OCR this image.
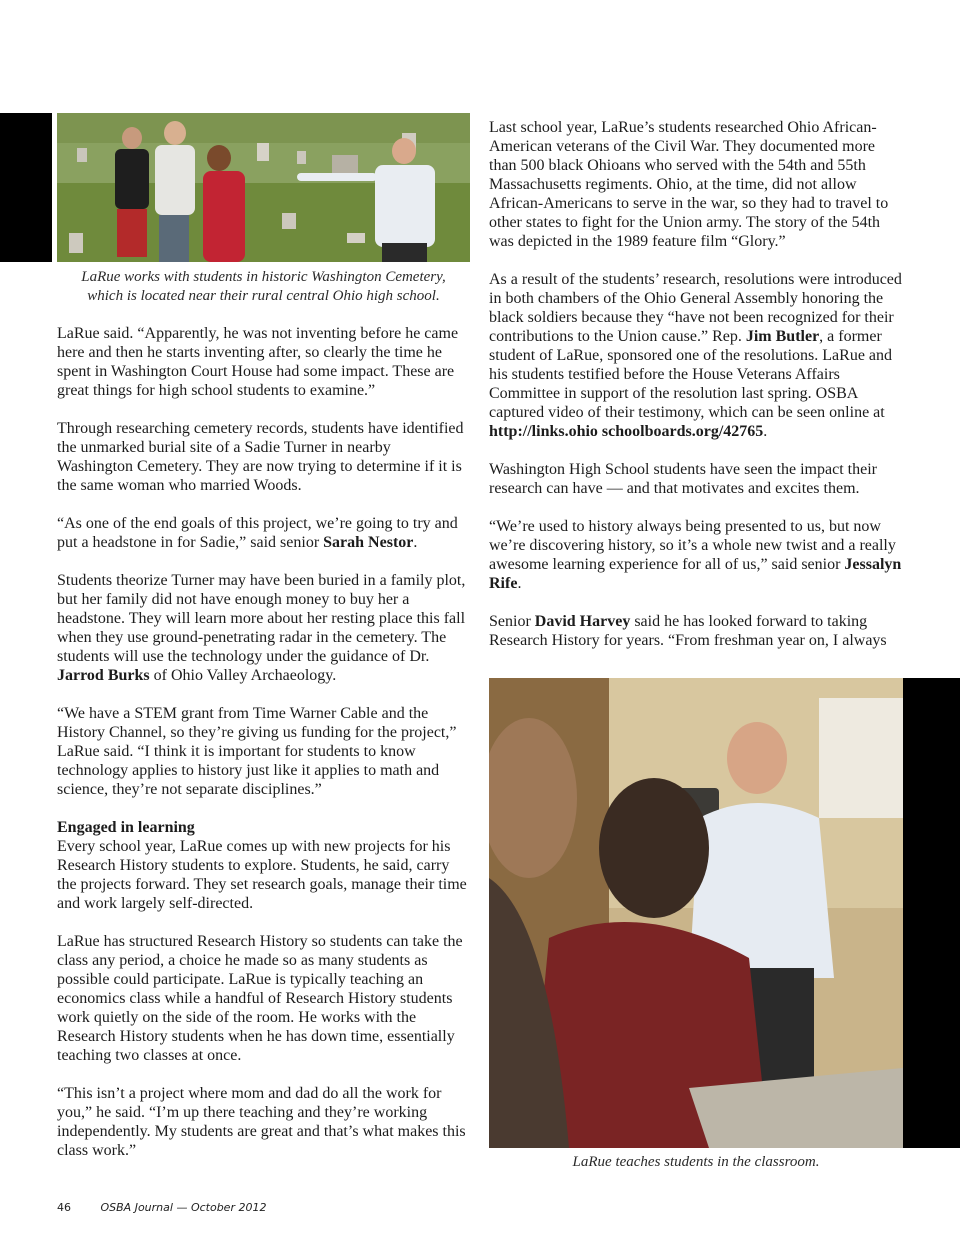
LaRue works with students in historic Washington Cemetery,
which is located near their rural central Ohio high school.
LaRue teaches students in the classroom.

LaRue said. “Apparently, he was not inventing before he came here and then he starts inventing after, so clearly the time he spent in Washington Court House had some impact. These are great things for high school students to examine.”

Through researching cemetery records, students have identified the unmarked burial site of a Sadie Turner in nearby Washington Cemetery. They are now trying to determine if it is the same woman who married Woods.

“As one of the end goals of this project, we’re going to try and put a headstone in for Sadie,” said senior Sarah Nestor.

Students theorize Turner may have been buried in a family plot, but her family did not have enough money to buy her a headstone. They will learn more about her resting place this fall when they use ground-penetrating radar in the cemetery. The students will use the technology under the guidance of Dr. Jarrod Burks of Ohio Valley Archaeology.

“We have a STEM grant from Time Warner Cable and the History Channel, so they’re giving us funding for the project,” LaRue said. “I think it is important for students to know technology applies to history just like it applies to math and science, they’re not separate disciplines.”

Engaged in learning
Every school year, LaRue comes up with new projects for his Research History students to explore. Students, he said, carry the projects forward. They set research goals, manage their time and work largely self-directed.

LaRue has structured Research History so students can take the class any period, a choice he made so as many students as possible could participate. LaRue is typically teaching an economics class while a handful of Research History students work quietly on the side of the room. He works with the Research History students when he has down time, essentially teaching two classes at once.

“This isn’t a project where mom and dad do all the work for you,” he said. “I’m up there teaching and they’re working independently. My students are great and that’s what makes this class work.”

Last school year, LaRue’s students researched Ohio African-American veterans of the Civil War. They documented more than 500 black Ohioans who served with the 54th and 55th Massachusetts regiments. Ohio, at the time, did not allow African-Americans to serve in the war, so they had to travel to other states to fight for the Union army. The story of the 54th was depicted in the 1989 feature film “Glory.”

As a result of the students’ research, resolutions were introduced in both chambers of the Ohio General Assembly honoring the black soldiers because they “have not been recognized for their contributions to the Union cause.” Rep. Jim Butler, a former student of LaRue, sponsored one of the resolutions. LaRue and his students testified before the House Veterans Affairs Committee in support of the resolution last spring. OSBA captured video of their testimony, which can be seen online at http://links.ohio schoolboards.org/42765.

Washington High School students have seen the impact their research can have — and that motivates and excites them.

“We’re used to history always being presented to us, but now we’re discovering history, so it’s a whole new twist and a really awesome learning experience for all of us,” said senior Jessalyn Rife.

Senior David Harvey said he has looked forward to taking Research History for years. “From freshman year on, I always

46	OSBA Journal — October 2012
